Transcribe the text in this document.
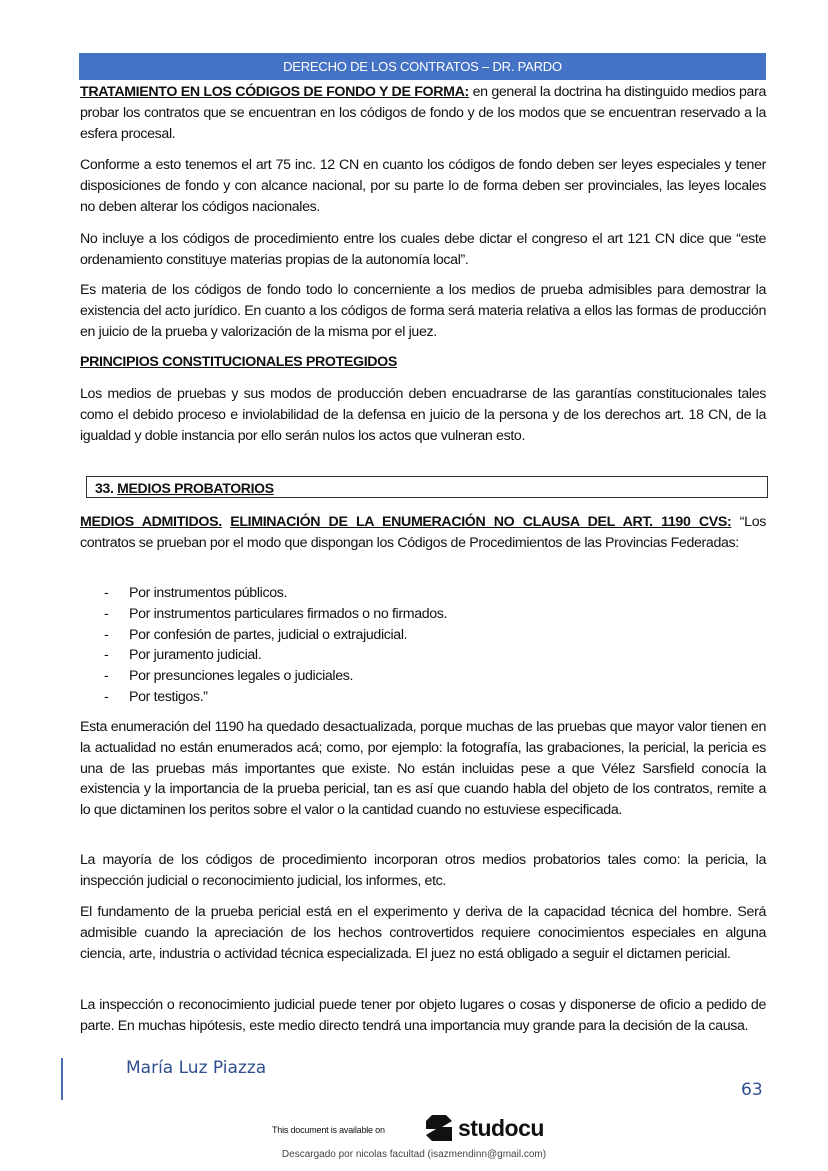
DERECHO DE LOS CONTRATOS – DR. PARDO

TRATAMIENTO EN LOS CÓDIGOS DE FONDO Y DE FORMA: en general la doctrina ha distinguido medios para probar los contratos que se encuentran en los códigos de fondo y de los modos que se encuentran reservado a la esfera procesal.

Conforme a esto tenemos el art 75 inc. 12 CN en cuanto los códigos de fondo deben ser leyes especiales y tener disposiciones de fondo y con alcance nacional, por su parte lo de forma deben ser provinciales, las leyes locales no deben alterar los códigos nacionales.

No incluye a los códigos de procedimiento entre los cuales debe dictar el congreso el art 121 CN dice que “este ordenamiento constituye materias propias de la autonomía local”.

Es materia de los códigos de fondo todo lo concerniente a los medios de prueba admisibles para demostrar la existencia del acto jurídico. En cuanto a los códigos de forma será materia relativa a ellos las formas de producción en juicio de la prueba y valorización de la misma por el juez.

PRINCIPIOS CONSTITUCIONALES PROTEGIDOS

Los medios de pruebas y sus modos de producción deben encuadrarse de las garantías constitucionales tales como el debido proceso e inviolabilidad de la defensa en juicio de la persona y de los derechos art. 18 CN, de la igualdad y doble instancia por ello serán nulos los actos que vulneran esto.

33. MEDIOS PROBATORIOS

MEDIOS ADMITIDOS. ELIMINACIÓN DE LA ENUMERACIÓN NO CLAUSA DEL ART. 1190 CVS: “Los contratos se prueban por el modo que dispongan los Códigos de Procedimientos de las Provincias Federadas:

- Por instrumentos públicos.
- Por instrumentos particulares firmados o no firmados.
- Por confesión de partes, judicial o extrajudicial.
- Por juramento judicial.
- Por presunciones legales o judiciales.
- Por testigos.”

Esta enumeración del 1190 ha quedado desactualizada, porque muchas de las pruebas que mayor valor tienen en la actualidad no están enumerados acá; como, por ejemplo: la fotografía, las grabaciones, la pericial, la pericia es una de las pruebas más importantes que existe. No están incluidas pese a que Vélez Sarsfield conocía la existencia y la importancia de la prueba pericial, tan es así que cuando habla del objeto de los contratos, remite a lo que dictaminen los peritos sobre el valor o la cantidad cuando no estuviese especificada.

La mayoría de los códigos de procedimiento incorporan otros medios probatorios tales como: la pericia, la inspección judicial o reconocimiento judicial, los informes, etc.

El fundamento de la prueba pericial está en el experimento y deriva de la capacidad técnica del hombre. Será admisible cuando la apreciación de los hechos controvertidos requiere conocimientos especiales en alguna ciencia, arte, industria o actividad técnica especializada. El juez no está obligado a seguir el dictamen pericial.

La inspección o reconocimiento judicial puede tener por objeto lugares o cosas y disponerse de oficio a pedido de parte. En muchas hipótesis, este medio directo tendrá una importancia muy grande para la decisión de la causa.

María Luz Piazza
63
This document is available on	studocu
Descargado por nicolas facultad (isazmendinn@gmail.com)
